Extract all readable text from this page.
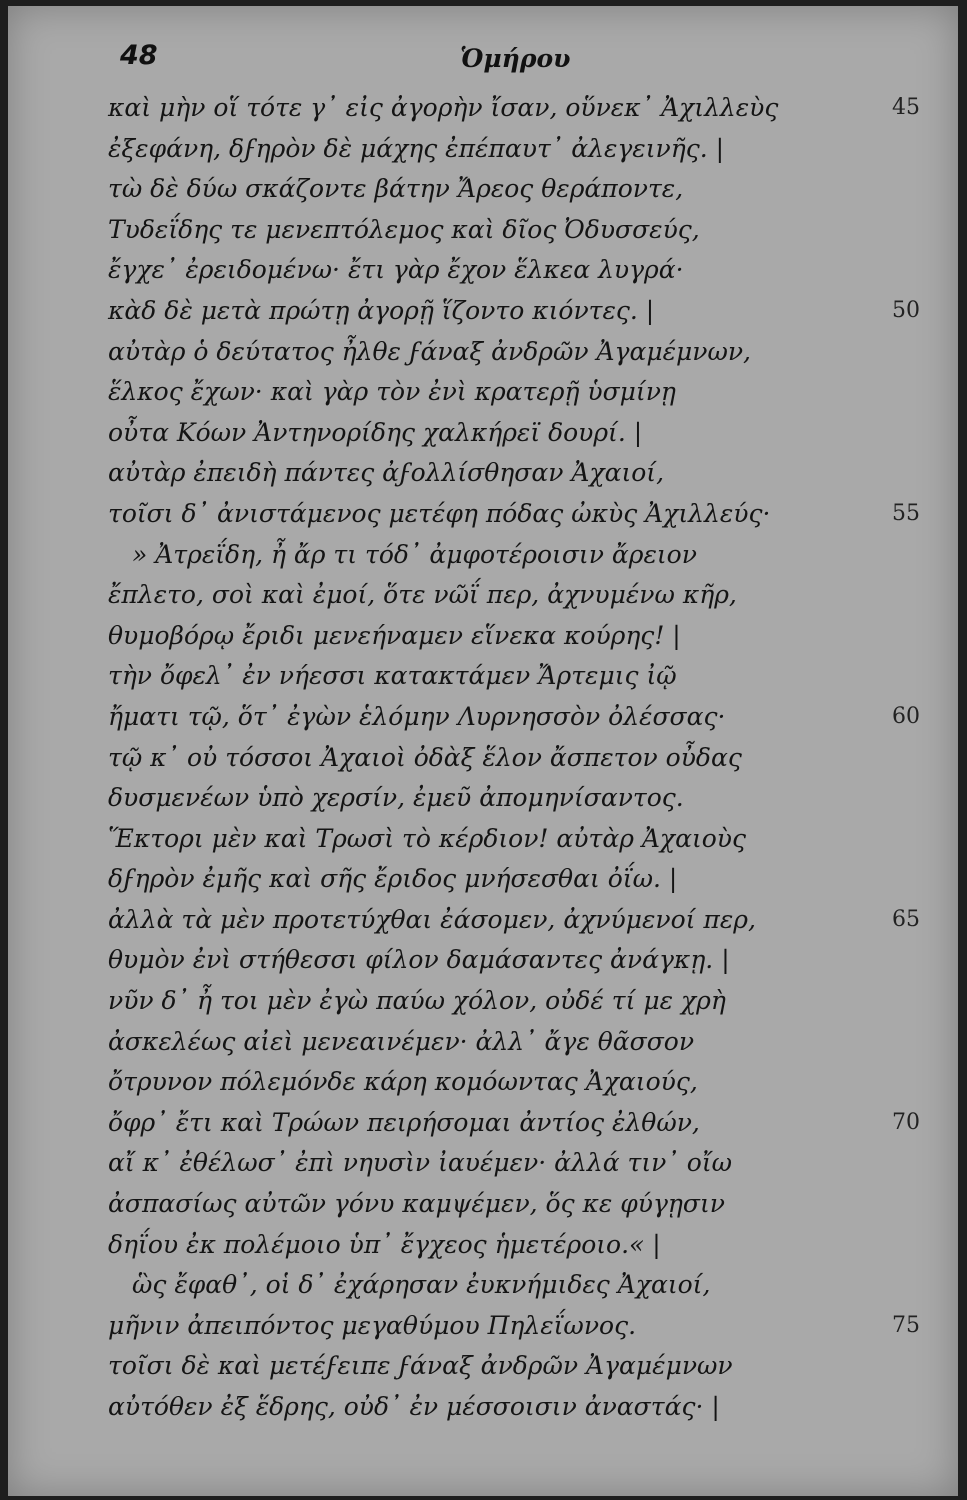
48	Ὁμήρου
καὶ μὴν οἵ τότε γ᾽ εἰς ἀγορὴν ἴσαν, οὕνεκ᾽ Ἀχιλλεὺς	45
ἐξεφάνη, δϝηρὸν δὲ μάχης ἐπέπαυτ᾽ ἀλεγεινῆς. |
τὼ δὲ δύω σκάζοντε βάτην Ἄρεος θεράποντε,
Τυδεΐδης τε μενεπτόλεμος καὶ δῖος Ὀδυσσεύς,
ἔγχε᾽ ἐρειδομένω· ἔτι γὰρ ἔχον ἕλκεα λυγρά·
κὰδ δὲ μετὰ πρώτῃ ἀγορῇ ἵζοντο κιόντες. |	50
αὐτὰρ ὁ δεύτατος ἦλθε ϝάναξ ἀνδρῶν Ἀγαμέμνων,
ἕλκος ἔχων· καὶ γὰρ τὸν ἐνὶ κρατερῇ ὑσμίνῃ
οὖτα Κόων Ἀντηνορίδης χαλκήρεϊ δουρί. |
αὐτὰρ ἐπειδὴ πάντες ἀϝολλίσθησαν Ἀχαιοί,
τοῖσι δ᾽ ἀνιστάμενος μετέφη πόδας ὠκὺς Ἀχιλλεύς·	55
» Ἀτρεΐδη, ἦ ἄρ τι τόδ᾽ ἀμφοτέροισιν ἄρειον
ἔπλετο, σοὶ καὶ ἐμοί, ὅτε νῶΐ περ, ἀχνυμένω κῆρ,
θυμοβόρῳ ἔριδι μενεήναμεν εἵνεκα κούρης! |
τὴν ὄφελ᾽ ἐν νήεσσι κατακτάμεν Ἄρτεμις ἰῷ
ἤματι τῷ, ὅτ᾽ ἐγὼν ἑλόμην Λυρνησσὸν ὀλέσσας·	60
τῷ κ᾽ οὐ τόσσοι Ἀχαιοὶ ὀδὰξ ἕλον ἄσπετον οὖδας
δυσμενέων ὑπὸ χερσίν, ἐμεῦ ἀπομηνίσαντος.
Ἕκτορι μὲν καὶ Τρωσὶ τὸ κέρδιον! αὐτὰρ Ἀχαιοὺς
δϝηρὸν ἐμῆς καὶ σῆς ἔριδος μνήσεσθαι ὀΐω. |
ἀλλὰ τὰ μὲν προτετύχθαι ἐάσομεν, ἀχνύμενοί περ,	65
θυμὸν ἐνὶ στήθεσσι φίλον δαμάσαντες ἀνάγκῃ. |
νῦν δ᾽ ἦ τοι μὲν ἐγὼ παύω χόλον, οὐδέ τί με χρὴ
ἀσκελέως αἰεὶ μενεαινέμεν· ἀλλ᾽ ἄγε θᾶσσον
ὄτρυνον πόλεμόνδε κάρη κομόωντας Ἀχαιούς,
ὄφρ᾽ ἔτι καὶ Τρώων πειρήσομαι ἀντίος ἐλθών,	70
αἴ κ᾽ ἐθέλωσ᾽ ἐπὶ νηυσὶν ἰαυέμεν· ἀλλά τιν᾽ οἴω
ἀσπασίως αὐτῶν γόνυ καμψέμεν, ὅς κε φύγῃσιν
δηΐου ἐκ πολέμοιο ὑπ᾽ ἔγχεος ἡμετέροιο.« |
ὣς ἔφαθ᾽, οἱ δ᾽ ἐχάρησαν ἐυκνήμιδες Ἀχαιοί,
μῆνιν ἀπειπόντος μεγαθύμου Πηλεΐωνος.	75
τοῖσι δὲ καὶ μετέϝειπε ϝάναξ ἀνδρῶν Ἀγαμέμνων
αὐτόθεν ἐξ ἕδρης, οὐδ᾽ ἐν μέσσοισιν ἀναστάς· |
